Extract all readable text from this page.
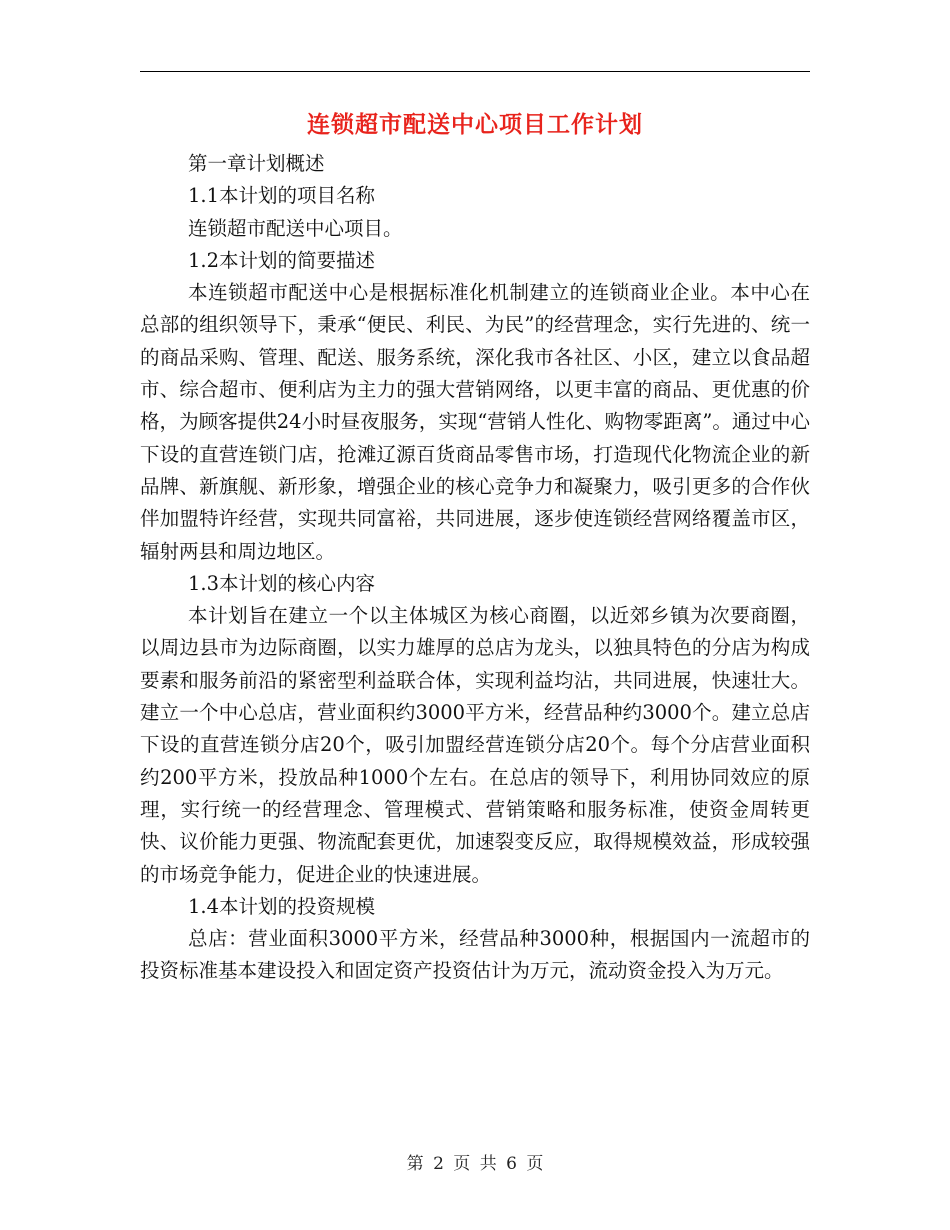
连锁超市配送中心项目工作计划

第一章计划概述

1.1本计划的项目名称

连锁超市配送中心项目。

1.2本计划的简要描述

本连锁超市配送中心是根据标准化机制建立的连锁商业企业。本中心在总部的组织领导下，秉承“便民、利民、为民”的经营理念，实行先进的、统一的商品采购、管理、配送、服务系统，深化我市各社区、小区，建立以食品超市、综合超市、便利店为主力的强大营销网络，以更丰富的商品、更优惠的价格，为顾客提供24小时昼夜服务，实现“营销人性化、购物零距离”。通过中心下设的直营连锁门店，抢滩辽源百货商品零售市场，打造现代化物流企业的新品牌、新旗舰、新形象，增强企业的核心竞争力和凝聚力，吸引更多的合作伙伴加盟特许经营，实现共同富裕，共同进展，逐步使连锁经营网络覆盖市区，辐射两县和周边地区。

1.3本计划的核心内容

本计划旨在建立一个以主体城区为核心商圈，以近郊乡镇为次要商圈，以周边县市为边际商圈，以实力雄厚的总店为龙头，以独具特色的分店为构成要素和服务前沿的紧密型利益联合体，实现利益均沾，共同进展，快速壮大。建立一个中心总店，营业面积约3000平方米，经营品种约3000个。建立总店下设的直营连锁分店20个，吸引加盟经营连锁分店20个。每个分店营业面积约200平方米，投放品种1000个左右。在总店的领导下，利用协同效应的原理，实行统一的经营理念、管理模式、营销策略和服务标准，使资金周转更快、议价能力更强、物流配套更优，加速裂变反应，取得规模效益，形成较强的市场竞争能力，促进企业的快速进展。

1.4本计划的投资规模

总店：营业面积3000平方米，经营品种3000种，根据国内一流超市的投资标准基本建设投入和固定资产投资估计为万元，流动资金投入为万元。

第 2 页 共 6 页
